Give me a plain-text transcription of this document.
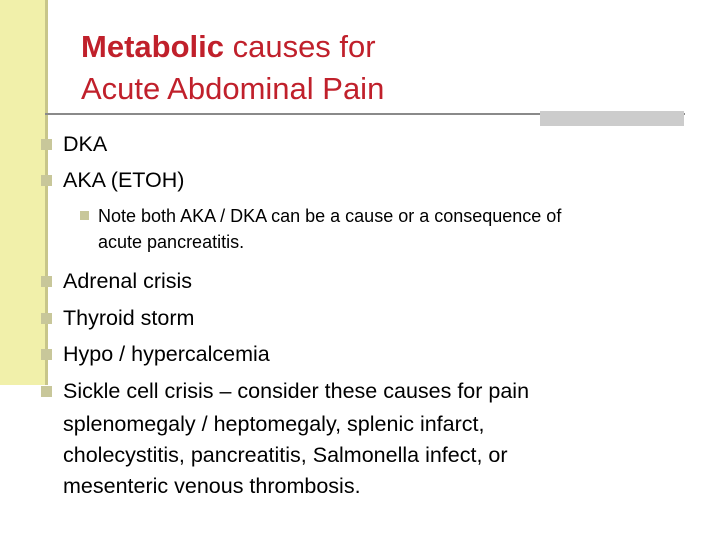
Metabolic causes for
Acute Abdominal Pain
DKA
AKA (ETOH)
Note both AKA / DKA can be a cause or a consequence of
acute pancreatitis.
Adrenal crisis
Thyroid storm
Hypo / hypercalcemia
Sickle cell crisis – consider these causes for pain
splenomegaly / heptomegaly, splenic infarct,
cholecystitis, pancreatitis, Salmonella infect, or
mesenteric venous thrombosis.
